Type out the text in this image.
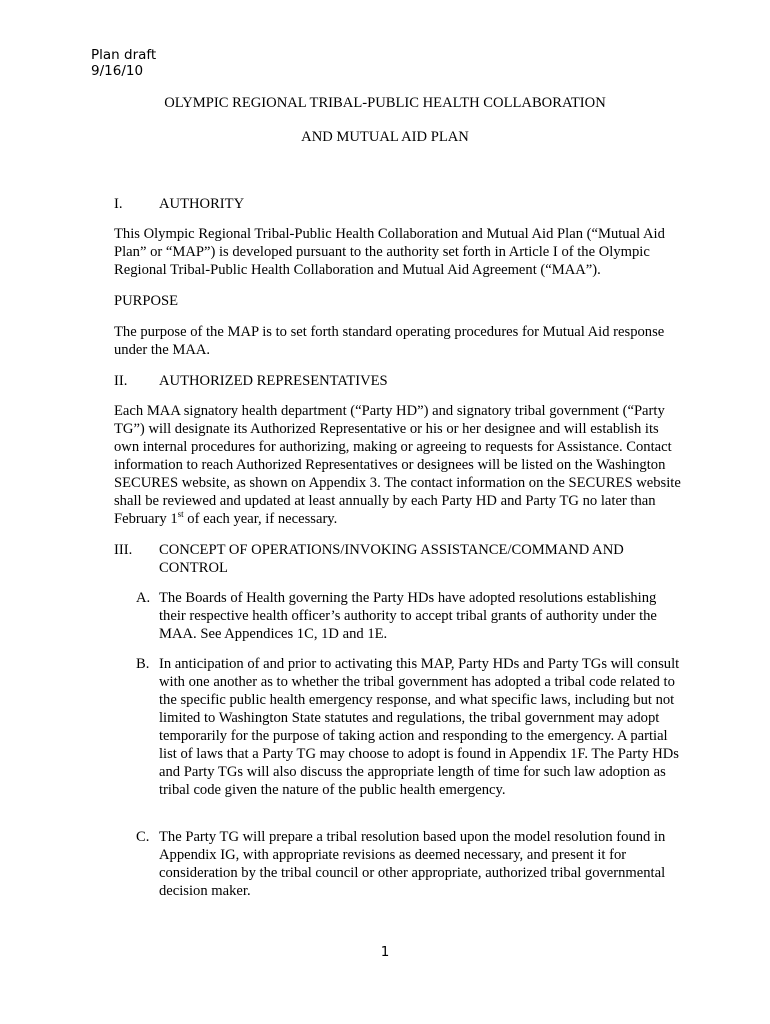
Plan draft
9/16/10
OLYMPIC REGIONAL TRIBAL-PUBLIC HEALTH COLLABORATION
AND MUTUAL AID PLAN
I. AUTHORITY
This Olympic Regional Tribal-Public Health Collaboration and Mutual Aid Plan (“Mutual Aid Plan” or “MAP”) is developed pursuant to the authority set forth in Article I of the Olympic Regional Tribal-Public Health Collaboration and Mutual Aid Agreement (“MAA”).
PURPOSE
The purpose of the MAP is to set forth standard operating procedures for Mutual Aid response under the MAA.
II. AUTHORIZED REPRESENTATIVES
Each MAA signatory health department (“Party HD”) and signatory tribal government (“Party TG”) will designate its Authorized Representative or his or her designee and will establish its own internal procedures for authorizing, making or agreeing to requests for Assistance. Contact information to reach Authorized Representatives or designees will be listed on the Washington SECURES website, as shown on Appendix 3. The contact information on the SECURES website shall be reviewed and updated at least annually by each Party HD and Party TG no later than February 1st of each year, if necessary.
III. CONCEPT OF OPERATIONS/INVOKING ASSISTANCE/COMMAND AND CONTROL
A. The Boards of Health governing the Party HDs have adopted resolutions establishing their respective health officer’s authority to accept tribal grants of authority under the MAA. See Appendices 1C, 1D and 1E.
B. In anticipation of and prior to activating this MAP, Party HDs and Party TGs will consult with one another as to whether the tribal government has adopted a tribal code related to the specific public health emergency response, and what specific laws, including but not limited to Washington State statutes and regulations, the tribal government may adopt temporarily for the purpose of taking action and responding to the emergency. A partial list of laws that a Party TG may choose to adopt is found in Appendix 1F. The Party HDs and Party TGs will also discuss the appropriate length of time for such law adoption as tribal code given the nature of the public health emergency.
C. The Party TG will prepare a tribal resolution based upon the model resolution found in Appendix IG, with appropriate revisions as deemed necessary, and present it for consideration by the tribal council or other appropriate, authorized tribal governmental decision maker.
1
